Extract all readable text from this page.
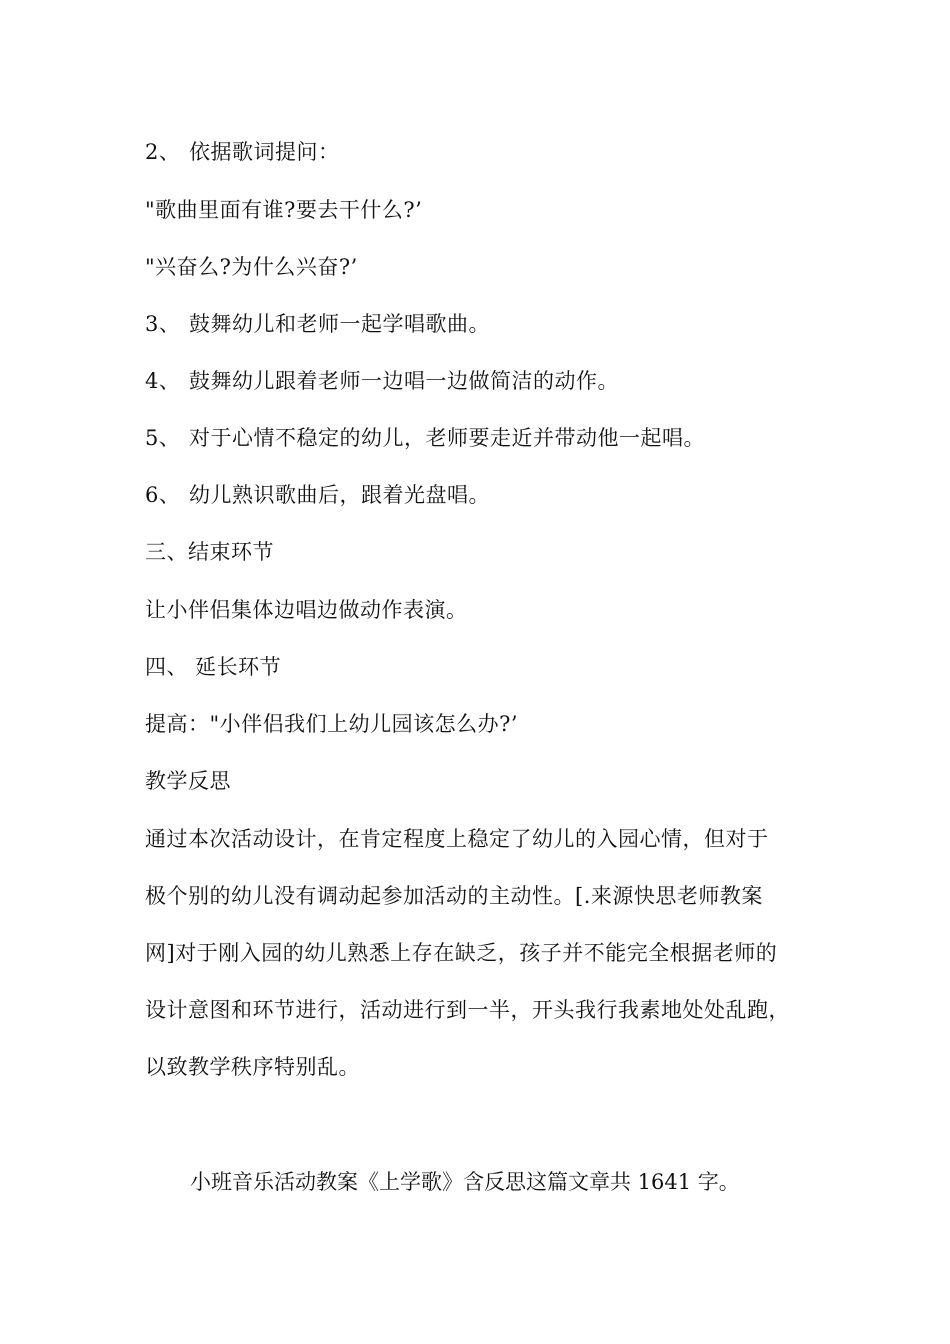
2、 依据歌词提问：
"歌曲里面有谁?要去干什么?’
"兴奋么?为什么兴奋?’
3、 鼓舞幼儿和老师一起学唱歌曲。
4、 鼓舞幼儿跟着老师一边唱一边做简洁的动作。
5、 对于心情不稳定的幼儿，老师要走近并带动他一起唱。
6、 幼儿熟识歌曲后，跟着光盘唱。
三、结束环节
让小伴侣集体边唱边做动作表演。
四、 延长环节
提高："小伴侣我们上幼儿园该怎么办?’
教学反思
通过本次活动设计，在肯定程度上稳定了幼儿的入园心情，但对于
极个别的幼儿没有调动起参加活动的主动性。[.来源快思老师教案
网]对于刚入园的幼儿熟悉上存在缺乏，孩子并不能完全根据老师的
设计意图和环节进行，活动进行到一半，开头我行我素地处处乱跑，
以致教学秩序特别乱。
小班音乐活动教案《上学歌》含反思这篇文章共 1641 字。
